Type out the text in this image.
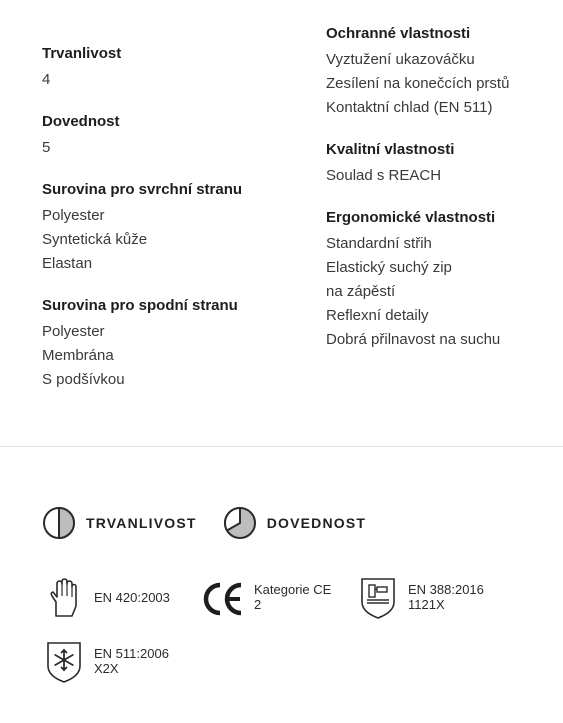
Trvanlivost
4
Dovednost
5
Surovina pro svrchní stranu
Polyester
Syntetická kůže
Elastan
Surovina pro spodní stranu
Polyester
Membrána
S podšívkou
Ochranné vlastnosti
Vyztužení ukazováčku
Zesílení na konečcích prstů
Kontaktní chlad (EN 511)
Kvalitní vlastnosti
Soulad s REACH
Ergonomické vlastnosti
Standardní střih
Elastický suchý zip
na zápěstí
Reflexní detaily
Dobrá přilnavost na suchu
TRVANLIVOST	DOVEDNOST
EN 420:2003
Kategorie CE
2
EN 388:2016
1121X
EN 511:2006
X2X
